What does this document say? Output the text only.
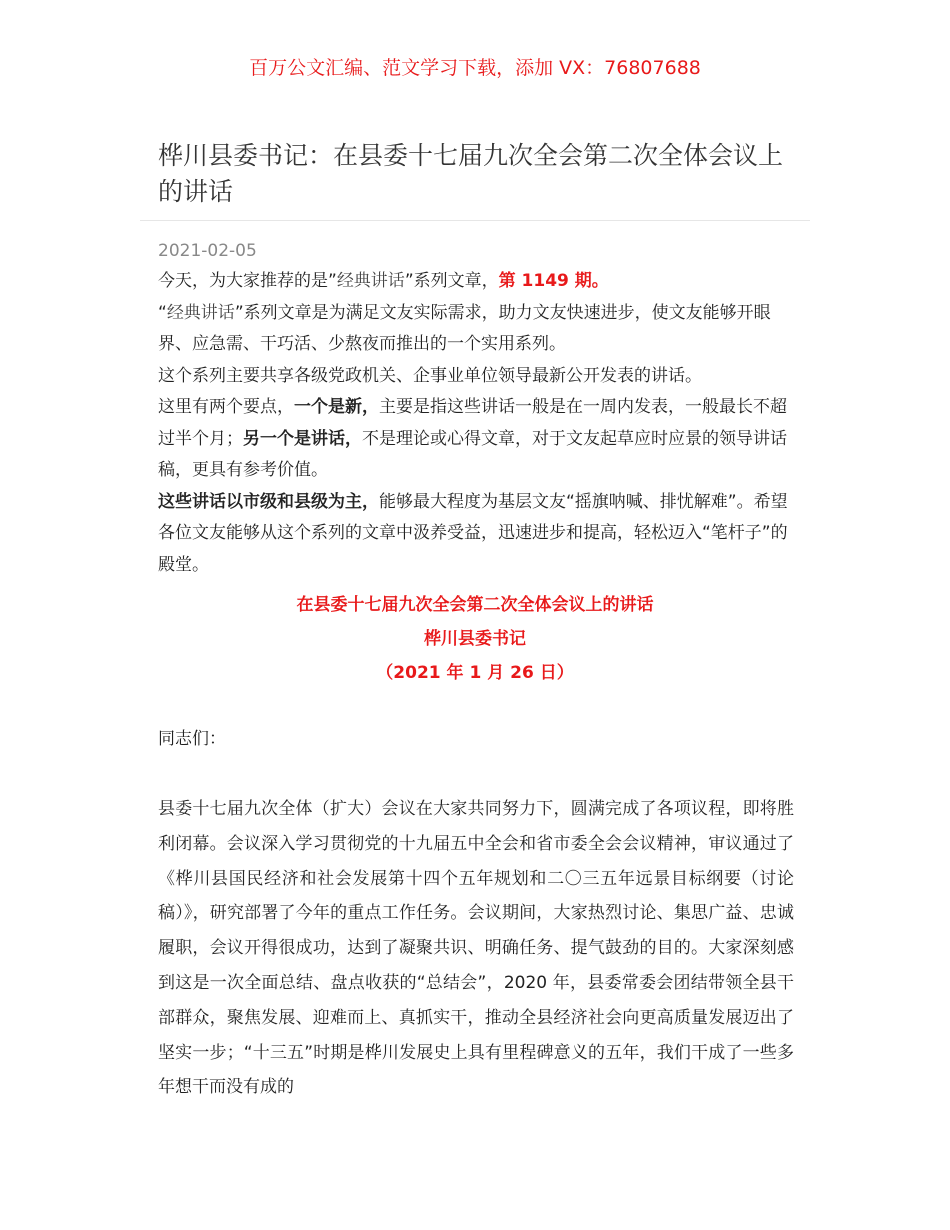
百万公文汇编、范文学习下载，添加 VX：76807688
桦川县委书记：在县委十七届九次全会第二次全体会议上的讲话
2021-02-05

今天，为大家推荐的是”经典讲话”系列文章，第 1149 期。

“经典讲话”系列文章是为满足文友实际需求，助力文友快速进步，使文友能够开眼界、应急需、干巧活、少熬夜而推出的一个实用系列。

这个系列主要共享各级党政机关、企事业单位领导最新公开发表的讲话。

这里有两个要点，一个是新，主要是指这些讲话一般是在一周内发表，一般最长不超过半个月；另一个是讲话，不是理论或心得文章，对于文友起草应时应景的领导讲话稿，更具有参考价值。

这些讲话以市级和县级为主，能够最大程度为基层文友“摇旗呐喊、排忧解难”。希望各位文友能够从这个系列的文章中汲养受益，迅速进步和提高，轻松迈入“笔杆子”的殿堂。

在县委十七届九次全会第二次全体会议上的讲话
桦川县委书记
（2021 年 1 月 26 日）
同志们：

县委十七届九次全体（扩大）会议在大家共同努力下，圆满完成了各项议程，即将胜利闭幕。会议深入学习贯彻党的十九届五中全会和省市委全会会议精神，审议通过了《桦川县国民经济和社会发展第十四个五年规划和二〇三五年远景目标纲要（讨论稿）》，研究部署了今年的重点工作任务。会议期间，大家热烈讨论、集思广益、忠诚履职，会议开得很成功，达到了凝聚共识、明确任务、提气鼓劲的目的。大家深刻感到这是一次全面总结、盘点收获的“总结会”，2020 年，县委常委会团结带领全县干部群众，聚焦发展、迎难而上、真抓实干，推动全县经济社会向更高质量发展迈出了坚实一步；“十三五”时期是桦川发展史上具有里程碑意义的五年，我们干成了一些多年想干而没有成的
